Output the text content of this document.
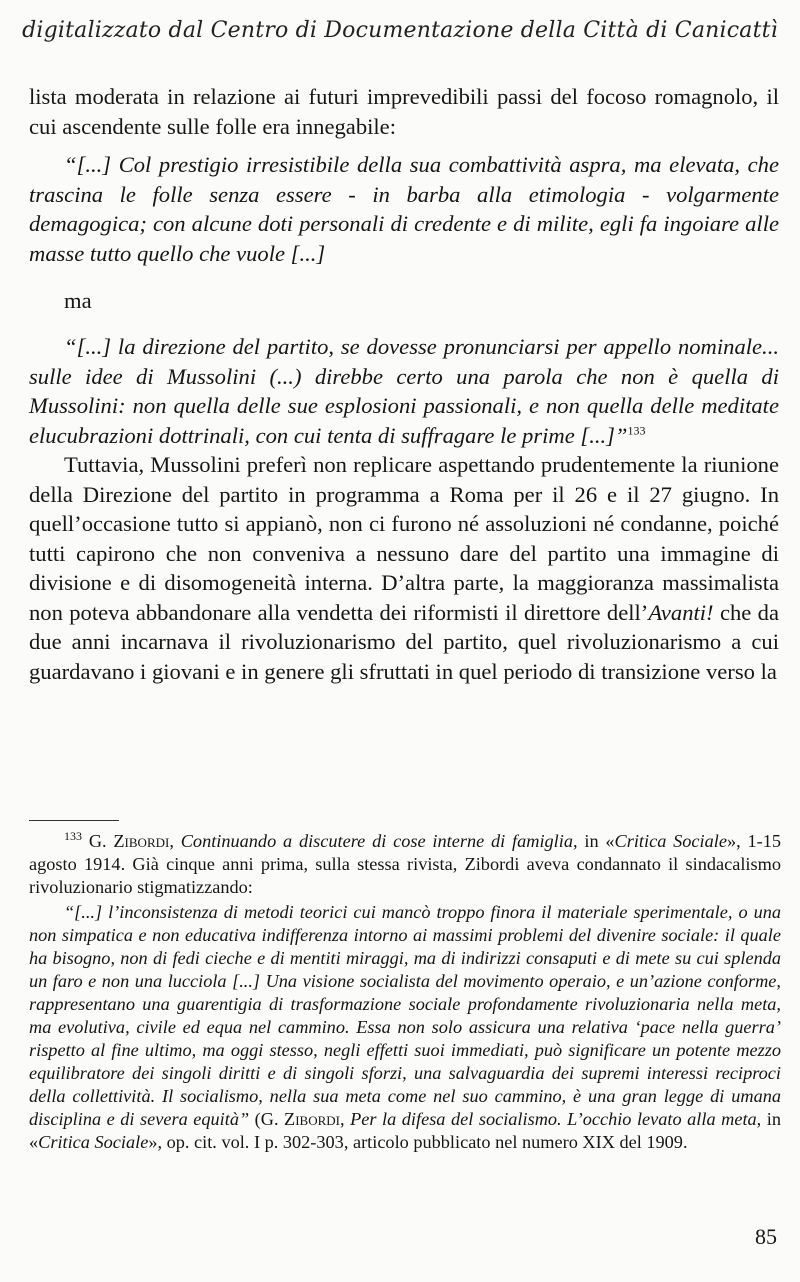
digitalizzato dal Centro di Documentazione della Città di Canicattì

lista moderata in relazione ai futuri imprevedibili passi del focoso romagnolo, il cui ascendente sulle folle era innegabile:

“[...] Col prestigio irresistibile della sua combattività aspra, ma elevata, che trascina le folle senza essere - in barba alla etimologia - volgarmente demagogica; con alcune doti personali di credente e di milite, egli fa ingoiare alle masse tutto quello che vuole [...]

ma

“[...] la direzione del partito, se dovesse pronunciarsi per appello nominale... sulle idee di Mussolini (...) direbbe certo una parola che non è quella di Mussolini: non quella delle sue esplosioni passionali, e non quella delle meditate elucubrazioni dottrinali, con cui tenta di suffragare le prime [...]”$^{133}$

Tuttavia, Mussolini preferì non replicare aspettando prudentemente la riunione della Direzione del partito in programma a Roma per il 26 e il 27 giugno. In quell’occasione tutto si appianò, non ci furono né assoluzioni né condanne, poiché tutti capirono che non conveniva a nessuno dare del partito una immagine di divisione e di disomogeneità interna. D’altra parte, la maggioranza massimalista non poteva abbandonare alla vendetta dei riformisti il direttore dell’Avanti! che da due anni incarnava il rivoluzionarismo del partito, quel rivoluzionarismo a cui guardavano i giovani e in genere gli sfruttati in quel periodo di transizione verso la

$^{133}$ G. Zibordi, Continuando a discutere di cose interne di famiglia, in «Critica Sociale», 1-15 agosto 1914. Già cinque anni prima, sulla stessa rivista, Zibordi aveva condannato il sindacalismo rivoluzionario stigmatizzando:

“[...] l’inconsistenza di metodi teorici cui mancò troppo finora il materiale sperimentale, o una non simpatica e non educativa indifferenza intorno ai massimi problemi del divenire sociale: il quale ha bisogno, non di fedi cieche e di mentiti miraggi, ma di indirizzi consaputi e di mete su cui splenda un faro e non una lucciola [...] Una visione socialista del movimento operaio, e un’azione conforme, rappresentano una guarentigia di trasformazione sociale profondamente rivoluzionaria nella meta, ma evolutiva, civile ed equa nel cammino. Essa non solo assicura una relativa ‘pace nella guerra’ rispetto al fine ultimo, ma oggi stesso, negli effetti suoi immediati, può significare un potente mezzo equilibratore dei singoli diritti e di singoli sforzi, una salvaguardia dei supremi interessi reciproci della collettività. Il socialismo, nella sua meta come nel suo cammino, è una gran legge di umana disciplina e di severa equità” (G. Zibordi, Per la difesa del socialismo. L’occhio levato alla meta, in «Critica Sociale», op. cit. vol. I p. 302-303, articolo pubblicato nel numero XIX del 1909.

85
